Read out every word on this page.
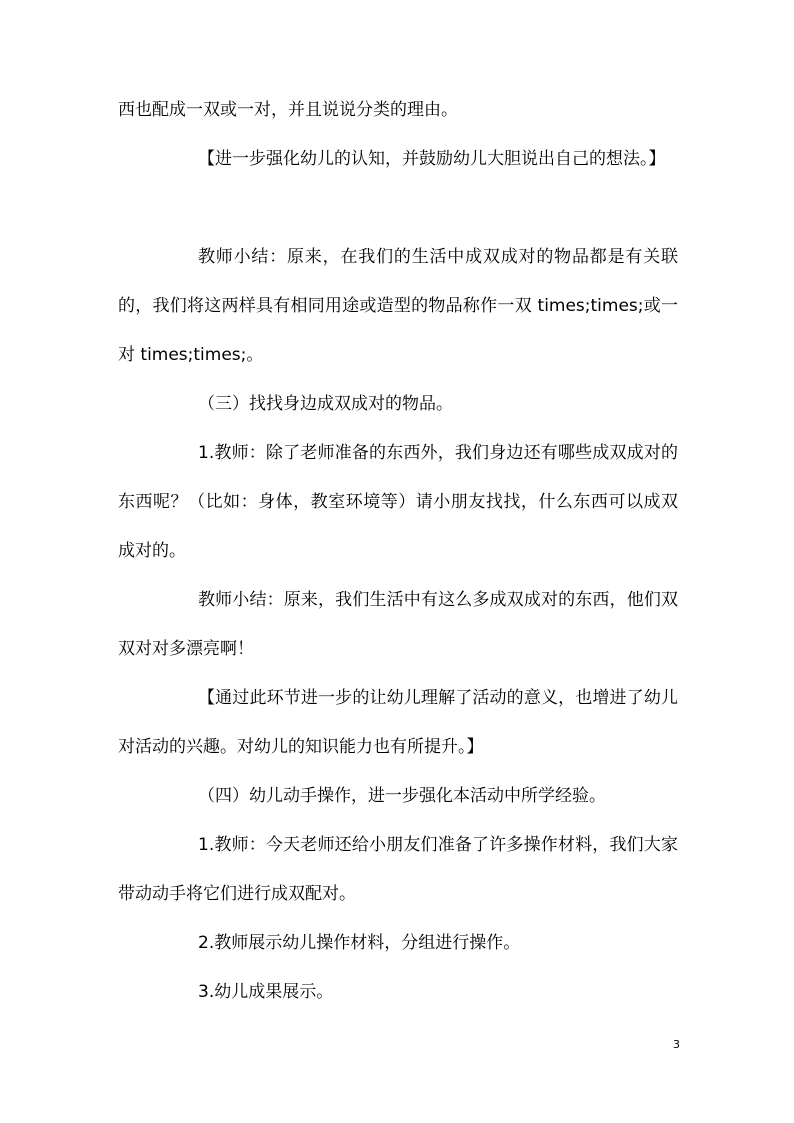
西也配成一双或一对，并且说说分类的理由。

【进一步强化幼儿的认知，并鼓励幼儿大胆说出自己的想法。】

教师小结：原来，在我们的生活中成双成对的物品都是有关联的，我们将这两样具有相同用途或造型的物品称作一双 times;times;或一对 times;times;。

（三）找找身边成双成对的物品。

1.教师：除了老师准备的东西外，我们身边还有哪些成双成对的东西呢？（比如：身体，教室环境等）请小朋友找找，什么东西可以成双成对的。

教师小结：原来，我们生活中有这么多成双成对的东西，他们双双对对多漂亮啊！

【通过此环节进一步的让幼儿理解了活动的意义，也增进了幼儿对活动的兴趣。对幼儿的知识能力也有所提升。】

（四）幼儿动手操作，进一步强化本活动中所学经验。

1.教师：今天老师还给小朋友们准备了许多操作材料，我们大家带动动手将它们进行成双配对。

2.教师展示幼儿操作材料，分组进行操作。

3.幼儿成果展示。

3
